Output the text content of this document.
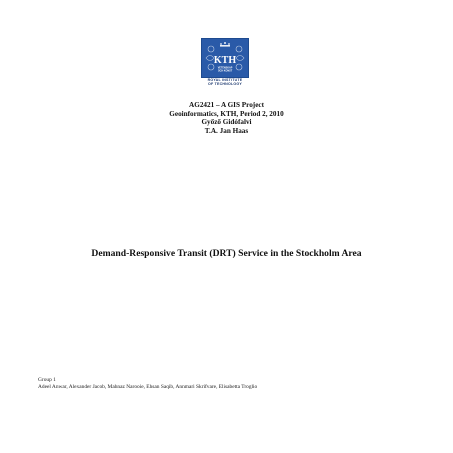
KTH
VETENSKAP
OCH KONST
ROYAL INSTITUTE
OF TECHNOLOGY
AG2421 – A GIS Project
Geoinformatics, KTH, Period 2, 2010
Győző Gidófalvi
T.A. Jan Haas
Demand-Responsive Transit (DRT) Service in the Stockholm Area
Group 1
Adeel Anwar, Alexander Jacob, Mahnaz Narooie, Ehsan Saqib, Annmari Skrifvare, Elisabetta Troglio
